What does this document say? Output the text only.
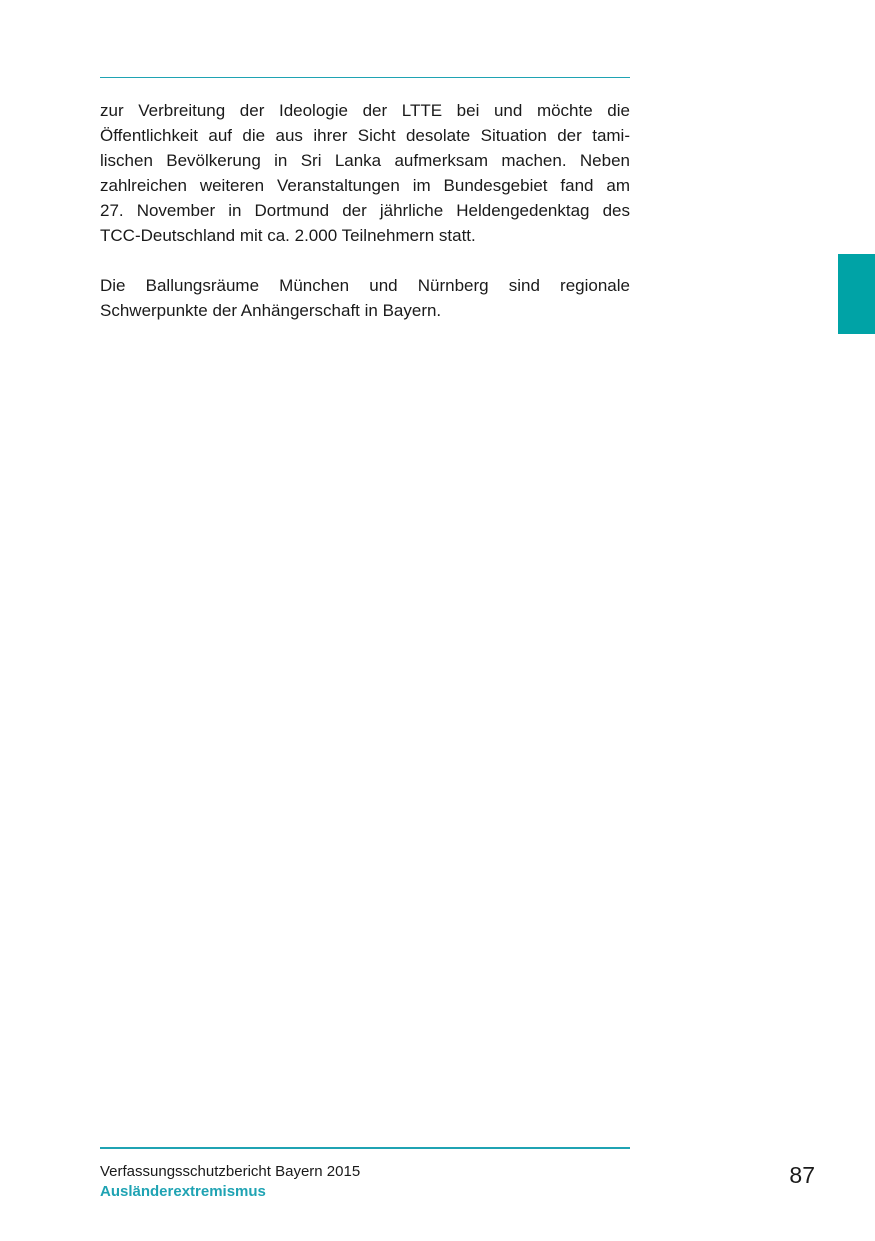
zur Verbreitung der Ideologie der LTTE bei und möchte die
Öffentlichkeit auf die aus ihrer Sicht desolate Situation der tami-
lischen Bevölkerung in Sri Lanka aufmerksam machen. Neben
zahlreichen weiteren Veranstaltungen im Bundesgebiet fand am
27. November in Dortmund der jährliche Heldengedenktag des
TCC-Deutschland mit ca. 2.000 Teilnehmern statt.

Die Ballungsräume München und Nürnberg sind regionale
Schwerpunkte der Anhängerschaft in Bayern.

Verfassungsschutzbericht Bayern 2015
Ausländerextremismus
87
